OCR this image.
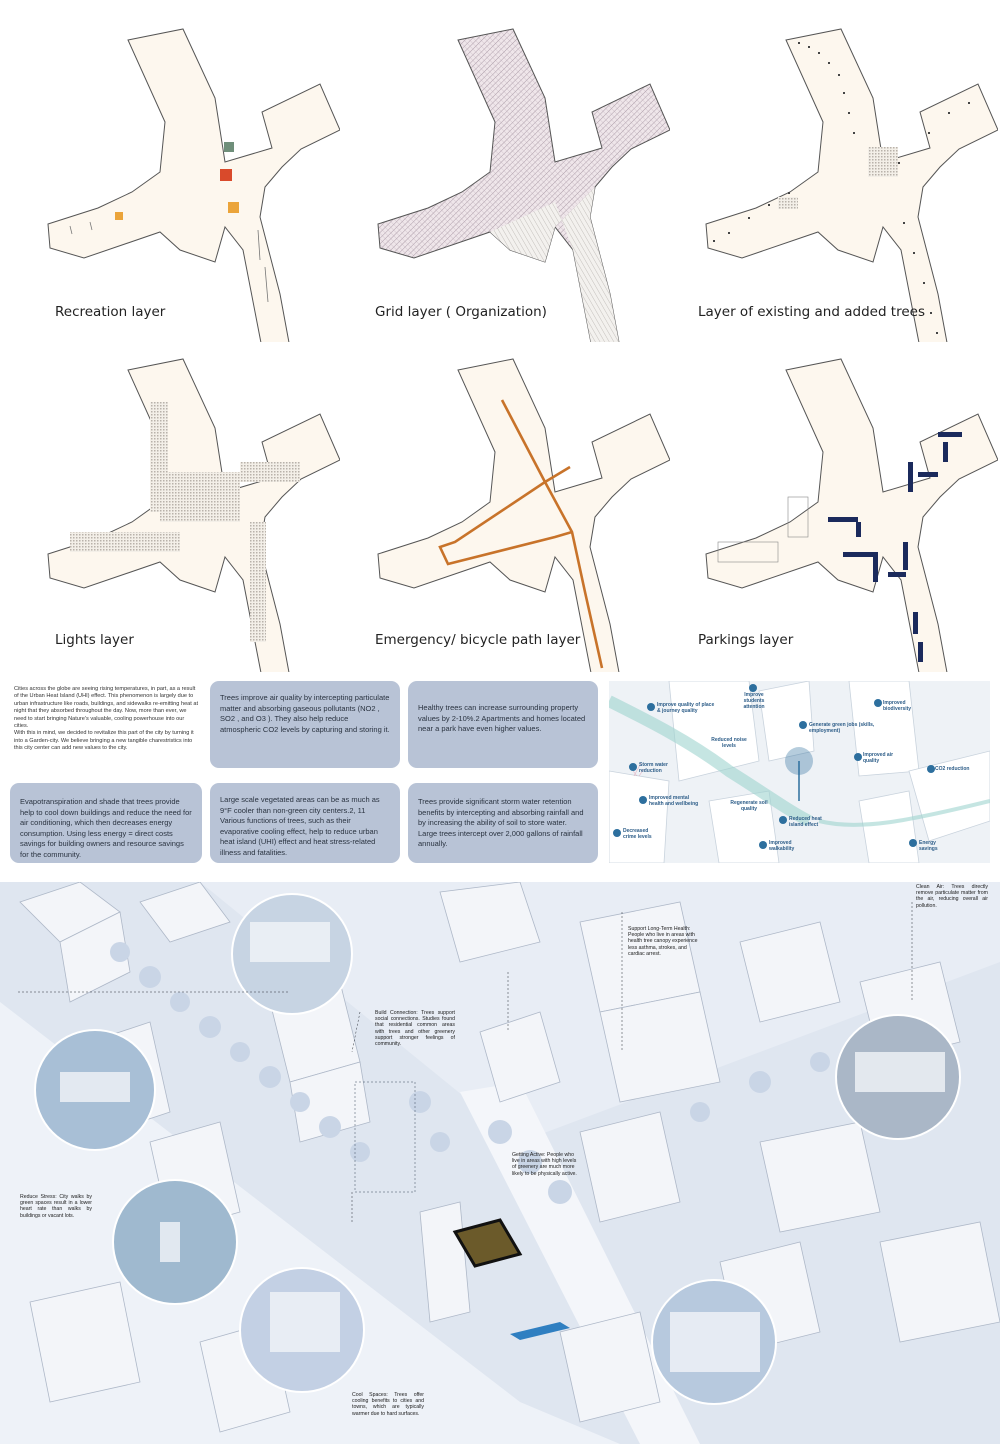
Recreation layer	Grid layer ( Organization)	Layer of existing and added trees
Lights layer	Emergency/ bicycle path layer	Parkings layer

Cities across the globe are seeing rising temperatures, in part, as a result of the Urban Heat Island (UHI) effect. This phenomenon is largely due to urban infrastructure like roads, buildings, and sidewalks re-emitting heat at night that they absorbed throughout the day. Now, more than ever, we need to start bringing Nature's valuable, cooling powerhouse into our cities.

With this in mind, we decided to revitalize this part of the city by turning it into a Garden-city. We believe bringing a new tangible charestristics into this city center can add new values to the city.

Trees improve air quality by intercepting particulate matter and absorbing gaseous pollutants (NO2 , SO2 , and O3 ). They also help reduce atmospheric CO2 levels by capturing and storing it.
Healthy trees can increase surrounding property values by 2-10%.2 Apartments and homes located near a park have even higher values.
Evapotranspiration and shade that trees provide help to cool down buildings and reduce the need for air conditioning, which then decreases energy consumption. Using less energy = direct costs savings for building owners and resource savings for the community.
Large scale vegetated areas can be as much as 9°F cooler than non-green city centers.2, 11 Various functions of trees, such as their evaporative cooling effect, help to reduce urban heat island (UHI) effect and heat stress-related illness and fatalities.
Trees provide significant storm water retention benefits by intercepting and absorbing rainfall and by increasing the ability of soil to store water. Large trees intercept over 2,000 gallons of rainfall annually.
Improve students attention
Improve quality of place & journey quality
Improved biodiversity
Generate green jobs (skills, employment)
Reduced noise levels
Storm water reduction
Improved air quality
CO2 reduction
Improved mental health and wellbeing	Regenerate soil quality
Reduced heat island effect
Decreased crime levels
Improved walkability
Energy savings
Clean Air: Trees directly remove particulate matter from the air, reducing overall air pollution.
Support Long-Term Health: People who live in areas with health tree canopy experience less asthma, strokes, and cardiac arrest.
Build Connection: Trees support social connections. Studies found that residential common areas with trees and other greenery support stronger feelings of community.
Getting Active: People who live in areas with high levels of greenery are much more likely to be physically active.
Reduce Stress: City walks by green spaces result in a lower heart rate than walks by buildings or vacant lots.
Cool Spaces: Trees offer cooling benefits to cities and towns, which are typically warmer due to hard surfaces.
